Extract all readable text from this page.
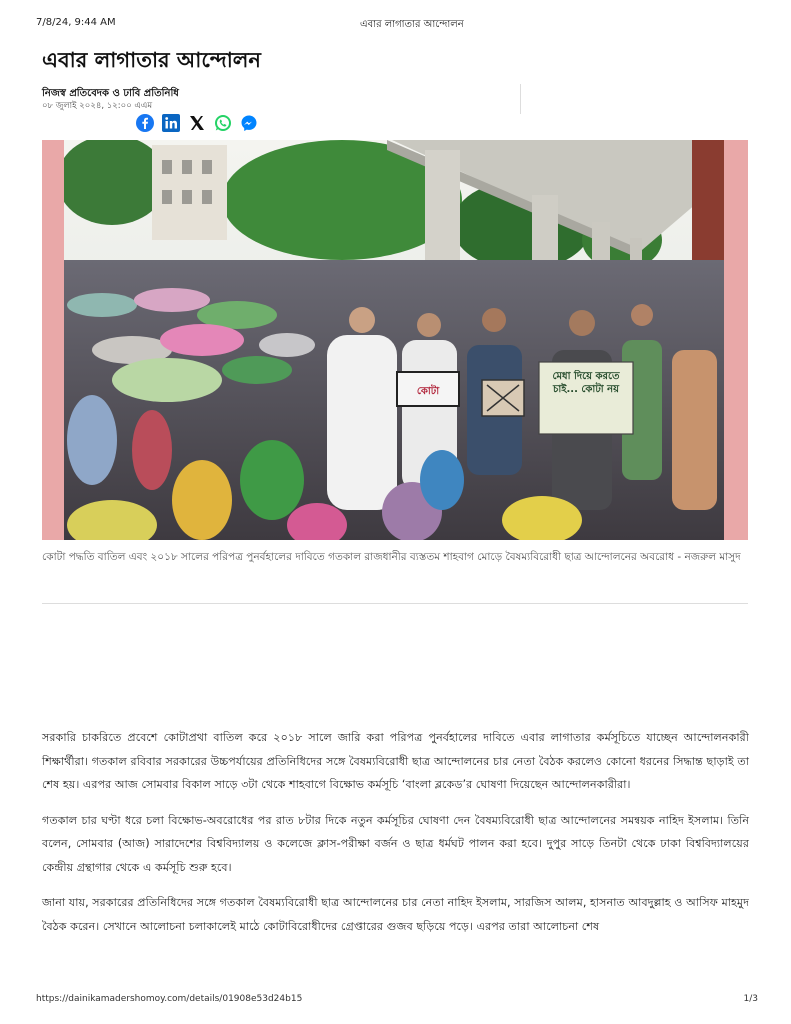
7/8/24, 9:44 AM	এবার লাগাতার আন্দোলন
এবার লাগাতার আন্দোলন
নিজস্ব প্রতিবেদক ও ঢাবি প্রতিনিধি
০৮ জুলাই ২০২৪, ১২:০০ এএম
কোটা
মেধা দিয়ে করতে চাই... কোটা নয়
কোটা পদ্ধতি বাতিল এবং ২০১৮ সালের পরিপত্র পুনর্বহালের দাবিতে গতকাল রাজধানীর ব্যস্ততম শাহবাগ মোড়ে বৈষম্যবিরোধী ছাত্র আন্দোলনের অবরোধ - নজরুল মাসুদ

সরকারি চাকরিতে প্রবেশে কোটাপ্রথা বাতিল করে ২০১৮ সালে জারি করা পরিপত্র পুনর্বহালের দাবিতে এবার লাগাতার কর্মসূচিতে যাচ্ছেন আন্দোলনকারী শিক্ষার্থীরা। গতকাল রবিবার সরকারের উচ্চপর্যায়ের প্রতিনিধিদের সঙ্গে বৈষম্যবিরোধী ছাত্র আন্দোলনের চার নেতা বৈঠক করলেও কোনো ধরনের সিদ্ধান্ত ছাড়াই তা শেষ হয়। এরপর আজ সোমবার বিকাল সাড়ে ৩টা থেকে শাহবাগে বিক্ষোভ কর্মসূচি ‘বাংলা ব্লকেড’র ঘোষণা দিয়েছেন আন্দোলনকারীরা।

গতকাল চার ঘণ্টা ধরে চলা বিক্ষোভ-অবরোধের পর রাত ৮টার দিকে নতুন কর্মসূচির ঘোষণা দেন বৈষম্যবিরোধী ছাত্র আন্দোলনের সমন্বয়ক নাহিদ ইসলাম। তিনি বলেন, সোমবার (আজ) সারাদেশের বিশ্ববিদ্যালয় ও কলেজে ক্লাস-পরীক্ষা বর্জন ও ছাত্র ধর্মঘট পালন করা হবে। দুপুর সাড়ে তিনটা থেকে ঢাকা বিশ্ববিদ্যালয়ের কেন্দ্রীয় গ্রন্থাগার থেকে এ কর্মসূচি শুরু হবে।

জানা যায়, সরকারের প্রতিনিধিদের সঙ্গে গতকাল বৈষম্যবিরোধী ছাত্র আন্দোলনের চার নেতা নাহিদ ইসলাম, সারজিস আলম, হাসনাত আবদুল্লাহ ও আসিফ মাহমুদ বৈঠক করেন। সেখানে আলোচনা চলাকালেই মাঠে কোটাবিরোধীদের গ্রেপ্তারের গুজব ছড়িয়ে পড়ে। এরপর তারা আলোচনা শেষ

https://dainikamadershomoy.com/details/01908e53d24b15	1/3
